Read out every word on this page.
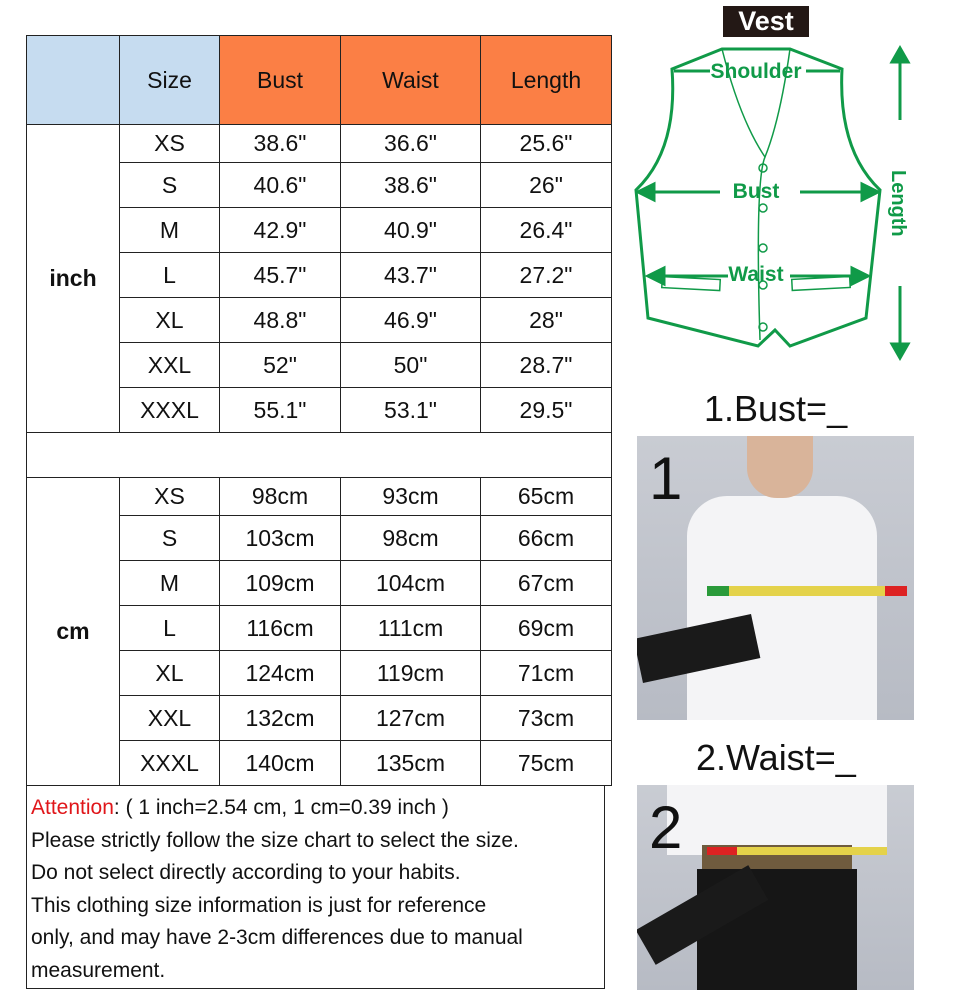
	Size	Bust	Waist	Length
inch	XS	38.6"	36.6"	25.6"
	S	40.6"	38.6"	26"
	M	42.9"	40.9"	26.4"
	L	45.7"	43.7"	27.2"
	XL	48.8"	46.9"	28"
	XXL	52"	50"	28.7"
	XXXL	55.1"	53.1"	29.5"

cm	XS	98cm	93cm	65cm
	S	103cm	98cm	66cm
	M	109cm	104cm	67cm
	L	116cm	111cm	69cm
	XL	124cm	119cm	71cm
	XXL	132cm	127cm	73cm
	XXXL	140cm	135cm	75cm
Attention: ( 1 inch=2.54 cm, 1 cm=0.39 inch )
Please strictly follow the size chart to select the size.
Do not select directly according to your habits.
This clothing size information is just for reference
only, and may have 2-3cm differences due to manual
measurement.
Vest
Shoulder
Bust
Waist
Length
1.Bust=_
1
2.Waist=_
2
